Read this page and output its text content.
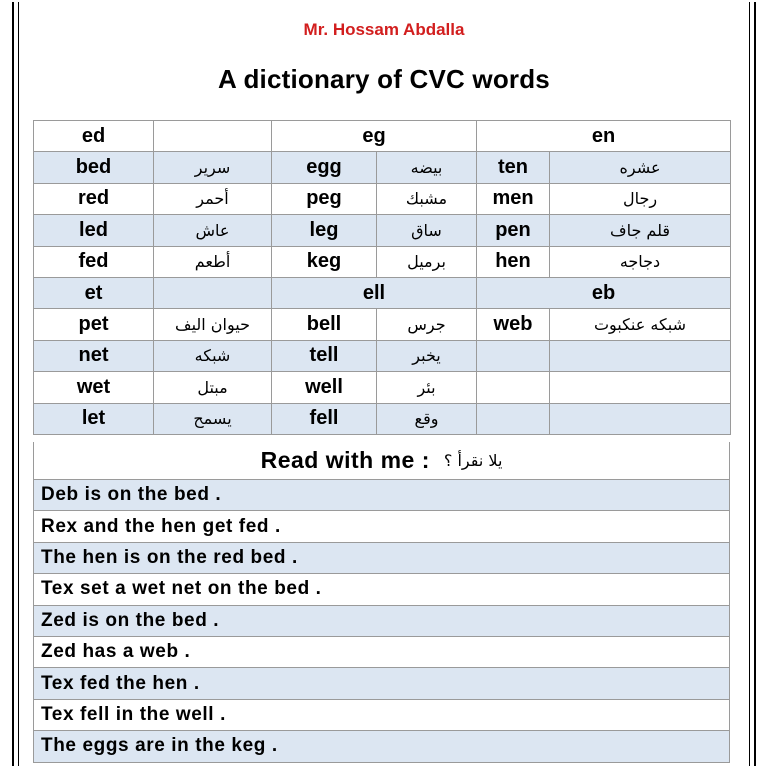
Mr. Hossam Abdalla
A dictionary of CVC words
ed		eg		en	
bed	سرير	egg	بيضه	ten	عشره
red	أحمر	peg	مشبك	men	رجال
led	عاش	leg	ساق	pen	قلم جاف
fed	أطعم	keg	برميل	hen	دجاجه
et		ell		eb	
pet	حيوان اليف	bell	جرس	web	شبكه عنكبوت
net	شبكه	tell	يخبر		
wet	مبتل	well	بئر		
let	يسمح	fell	وقع		
Read with me : يلا نقرأ ؟
Deb is on the bed .
Rex and the hen get fed .
The hen is on the red bed .
Tex set a wet net on the bed .
Zed is on the bed .
Zed has a web .
Tex fed the hen .
Tex fell in the well .
The eggs are in the keg .
